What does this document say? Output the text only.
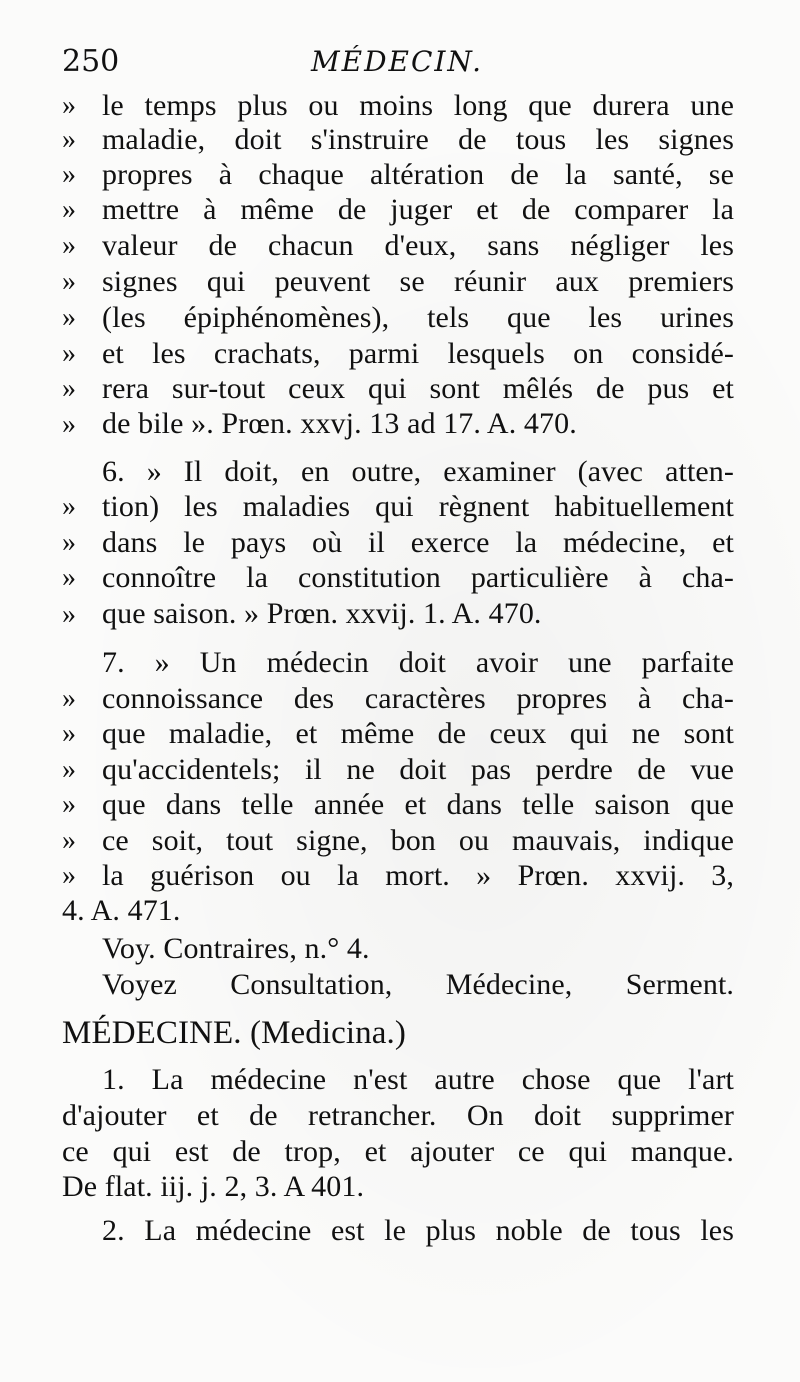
250	MÉDECIN.
» le temps plus ou moins long que durera une
» maladie, doit s'instruire de tous les signes
» propres à chaque altération de la santé, se
» mettre à même de juger et de comparer la
» valeur de chacun d'eux, sans négliger les
» signes qui peuvent se réunir aux premiers
» (les épiphénomènes), tels que les urines
» et les crachats, parmi lesquels on considé-
» rera sur-tout ceux qui sont mêlés de pus et
» de bile ». Prœn. xxvj. 13 ad 17. A. 470.
6. » Il doit, en outre, examiner (avec atten-
» tion) les maladies qui règnent habituellement
» dans le pays où il exerce la médecine, et
» connoître la constitution particulière à cha-
» que saison. » Prœn. xxvij. 1. A. 470.
7. » Un médecin doit avoir une parfaite
» connoissance des caractères propres à cha-
» que maladie, et même de ceux qui ne sont
» qu'accidentels; il ne doit pas perdre de vue
» que dans telle année et dans telle saison que
» ce soit, tout signe, bon ou mauvais, indique
» la guérison ou la mort. » Prœn. xxvij. 3,
4. A. 471.
Voy. Contraires, n.° 4.
Voyez Consultation, Médecine, Serment.
MÉDECINE. (Medicina.)
1. La médecine n'est autre chose que l'art
d'ajouter et de retrancher. On doit supprimer
ce qui est de trop, et ajouter ce qui manque.
De flat. iij. j. 2, 3. A 401.
2. La médecine est le plus noble de tous les
